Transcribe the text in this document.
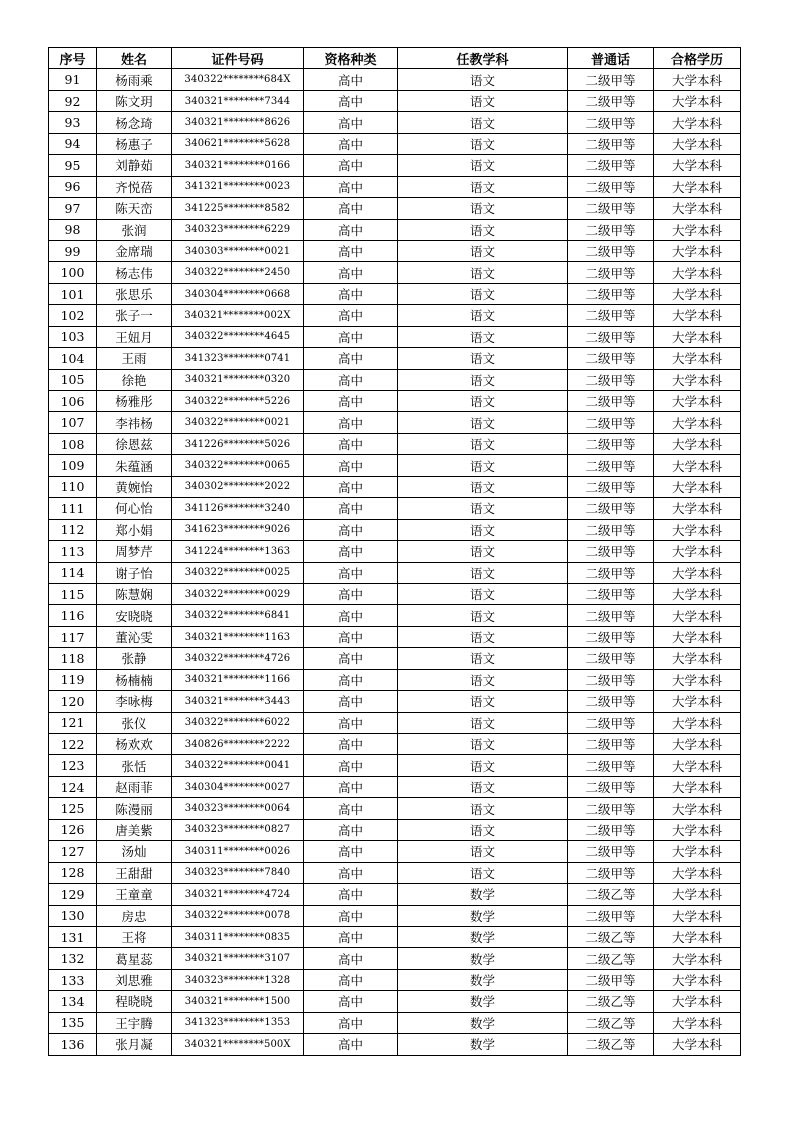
序号	姓名	证件号码	资格种类	任教学科	普通话	合格学历
91	杨雨乘	340322********684X	高中	语文	二级甲等	大学本科
92	陈文玥	340321********7344	高中	语文	二级甲等	大学本科
93	杨念琦	340321********8626	高中	语文	二级甲等	大学本科
94	杨惠子	340621********5628	高中	语文	二级甲等	大学本科
95	刘静茹	340321********0166	高中	语文	二级甲等	大学本科
96	齐悦蓓	341321********0023	高中	语文	二级甲等	大学本科
97	陈天峦	341225********8582	高中	语文	二级甲等	大学本科
98	张润	340323********6229	高中	语文	二级甲等	大学本科
99	金席瑞	340303********0021	高中	语文	二级甲等	大学本科
100	杨志伟	340322********2450	高中	语文	二级甲等	大学本科
101	张思乐	340304********0668	高中	语文	二级甲等	大学本科
102	张子一	340321********002X	高中	语文	二级甲等	大学本科
103	王妞月	340322********4645	高中	语文	二级甲等	大学本科
104	王雨	341323********0741	高中	语文	二级甲等	大学本科
105	徐艳	340321********0320	高中	语文	二级甲等	大学本科
106	杨雅彤	340322********5226	高中	语文	二级甲等	大学本科
107	李祎杨	340322********0021	高中	语文	二级甲等	大学本科
108	徐恩兹	341226********5026	高中	语文	二级甲等	大学本科
109	朱蕴涵	340322********0065	高中	语文	二级甲等	大学本科
110	黄婉怡	340302********2022	高中	语文	二级甲等	大学本科
111	何心怡	341126********3240	高中	语文	二级甲等	大学本科
112	郑小娟	341623********9026	高中	语文	二级甲等	大学本科
113	周梦芹	341224********1363	高中	语文	二级甲等	大学本科
114	谢子怡	340322********0025	高中	语文	二级甲等	大学本科
115	陈慧娴	340322********0029	高中	语文	二级甲等	大学本科
116	安晓晓	340322********6841	高中	语文	二级甲等	大学本科
117	董沁雯	340321********1163	高中	语文	二级甲等	大学本科
118	张静	340322********4726	高中	语文	二级甲等	大学本科
119	杨楠楠	340321********1166	高中	语文	二级甲等	大学本科
120	李咏梅	340321********3443	高中	语文	二级甲等	大学本科
121	张仪	340322********6022	高中	语文	二级甲等	大学本科
122	杨欢欢	340826********2222	高中	语文	二级甲等	大学本科
123	张恬	340322********0041	高中	语文	二级甲等	大学本科
124	赵雨菲	340304********0027	高中	语文	二级甲等	大学本科
125	陈漫丽	340323********0064	高中	语文	二级甲等	大学本科
126	唐美紫	340323********0827	高中	语文	二级甲等	大学本科
127	汤灿	340311********0026	高中	语文	二级甲等	大学本科
128	王甜甜	340323********7840	高中	语文	二级甲等	大学本科
129	王童童	340321********4724	高中	数学	二级乙等	大学本科
130	房忠	340322********0078	高中	数学	二级甲等	大学本科
131	王将	340311********0835	高中	数学	二级乙等	大学本科
132	葛星蕊	340321********3107	高中	数学	二级乙等	大学本科
133	刘思雅	340323********1328	高中	数学	二级甲等	大学本科
134	程晓晓	340321********1500	高中	数学	二级乙等	大学本科
135	王宇腾	341323********1353	高中	数学	二级乙等	大学本科
136	张月凝	340321********500X	高中	数学	二级乙等	大学本科
